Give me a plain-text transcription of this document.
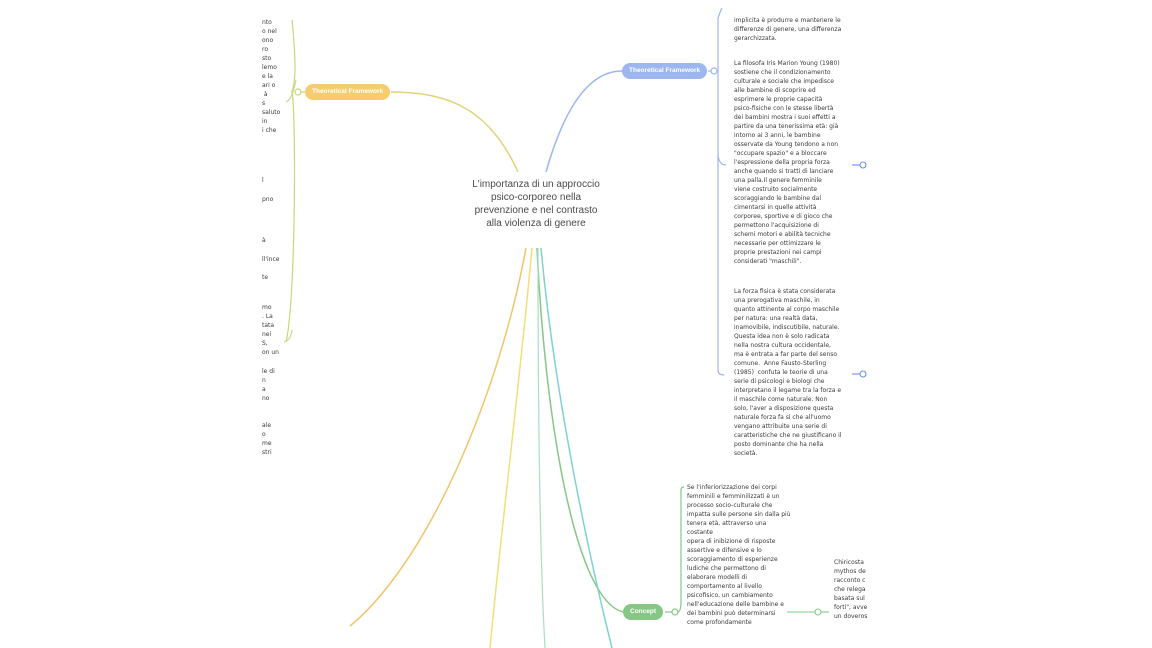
L'importanza di un approccio psico-corporeo nella prevenzione e nel contrasto alla violenza di genere
Theoretical Framework
Theoretical Framework
Concept
nto
o nel
ono
ro
sto
lemo
e la
ari o
à
s
saluto
in
i che
l
pno
à
ll'ince
te
mo
. La
tata
nei
S,
on un
le di
n
a
no

ale
o
me
stri
implicita è produrre e mantenere le
differenze di genere, una differenza
gerarchizzata.
La filosofa Iris Marion Young (1980)
sostiene che il condizionamento
culturale e sociale che impedisce
alle bambine di scoprire ed
esprimere le proprie capacità
psico-fisiche con le stesse libertà
dei bambini mostra i suoi effetti a
partire da una tenerissima età: già
intorno ai 3 anni, le bambine
osservate da Young tendono a non
"occupare spazio" e a bloccare
l'espressione della propria forza
anche quando si tratti di lanciare
una palla.Il genere femminile
viene costruito socialmente
scoraggiando le bambine dal
cimentarsi in quelle attività
corporee, sportive e di gioco che
permettono l'acquisizione di
schemi motori e abilità tecniche
necessarie per ottimizzare le
proprie prestazioni nei campi
considerati "maschili".
La forza fisica è stata considerata
una prerogativa maschile, in
quanto attinente al corpo maschile
per natura: una realtà data,
inamovibile, indiscutibile, naturale.
Questa idea non è solo radicata
nella nostra cultura occidentale,
ma è entrata a far parte del senso
comune.  Anne Fausto-Sterling
(1985)  confuta le teorie di una
serie di psicologi e biologi che
interpretano il legame tra la forza e
il maschile come naturale. Non
solo, l'aver a disposizione questa
naturale forza fa sì che all'uomo
vengano attribuite una serie di
caratteristiche che ne giustificano il
posto dominante che ha nella
società.
Se l'inferiorizzazione dei corpi
femminili e femminilizzati è un
processo socio-culturale che
impatta sulle persone sin dalla più
tenera età, attraverso una costante
opera di inibizione di risposte
assertive e difensive e lo
scoraggiamento di esperienze
ludiche che permettono di
elaborare modelli di
comportamento al livello
psicofisico, un cambiamento
nell'educazione delle bambine e
dei bambini può determinarsi
come profondamente
Chiricosta
mythos de
racconto c
che relega
basata sul
forti", avve
un doveros
